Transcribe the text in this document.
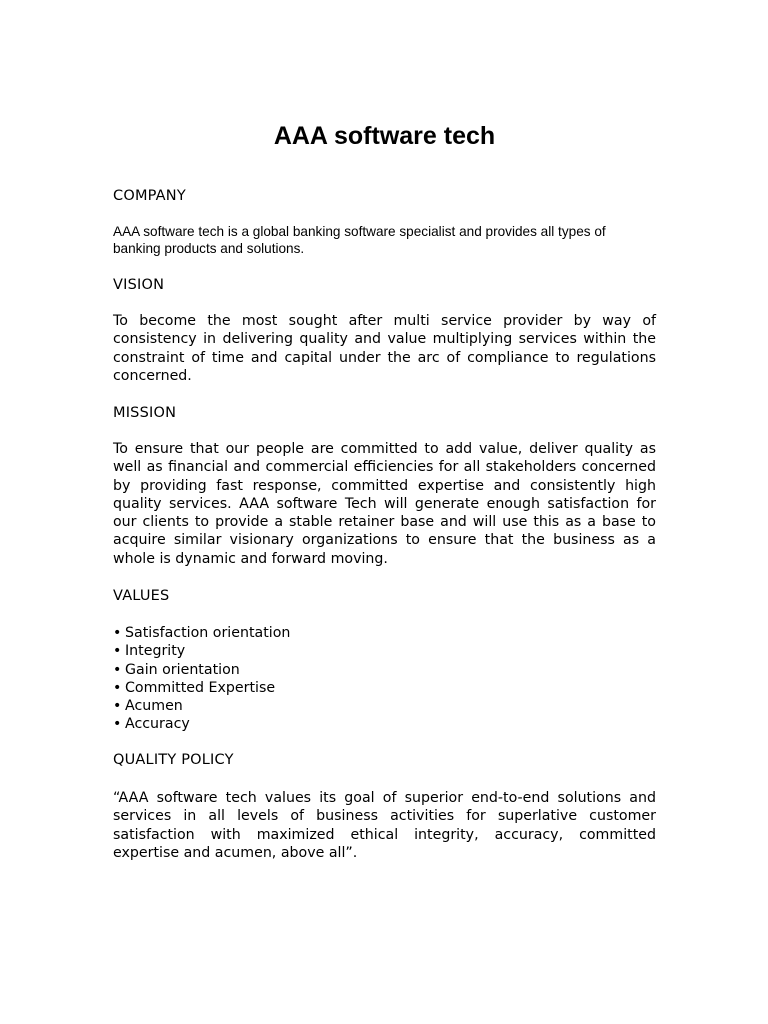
AAA software tech
COMPANY

AAA software tech is a global banking software specialist and provides all types of banking products and solutions.

VISION

To become the most sought after multi service provider by way of consistency in delivering quality and value multiplying services within the constraint of time and capital under the arc of compliance to regulations concerned.

MISSION

To ensure that our people are committed to add value, deliver quality as well as financial and commercial efficiencies for all stakeholders concerned by providing fast response, committed expertise and consistently high quality services. AAA software Tech will generate enough satisfaction for our clients to provide a stable retainer base and will use this as a base to acquire similar visionary organizations to ensure that the business as a whole is dynamic and forward moving.

VALUES
• Satisfaction orientation
• Integrity
• Gain orientation
• Committed Expertise
• Acumen
• Accuracy
QUALITY POLICY

“AAA software tech values its goal of superior end-to-end solutions and services in all levels of business activities for superlative customer satisfaction with maximized ethical integrity, accuracy, committed expertise and acumen, above all”.
